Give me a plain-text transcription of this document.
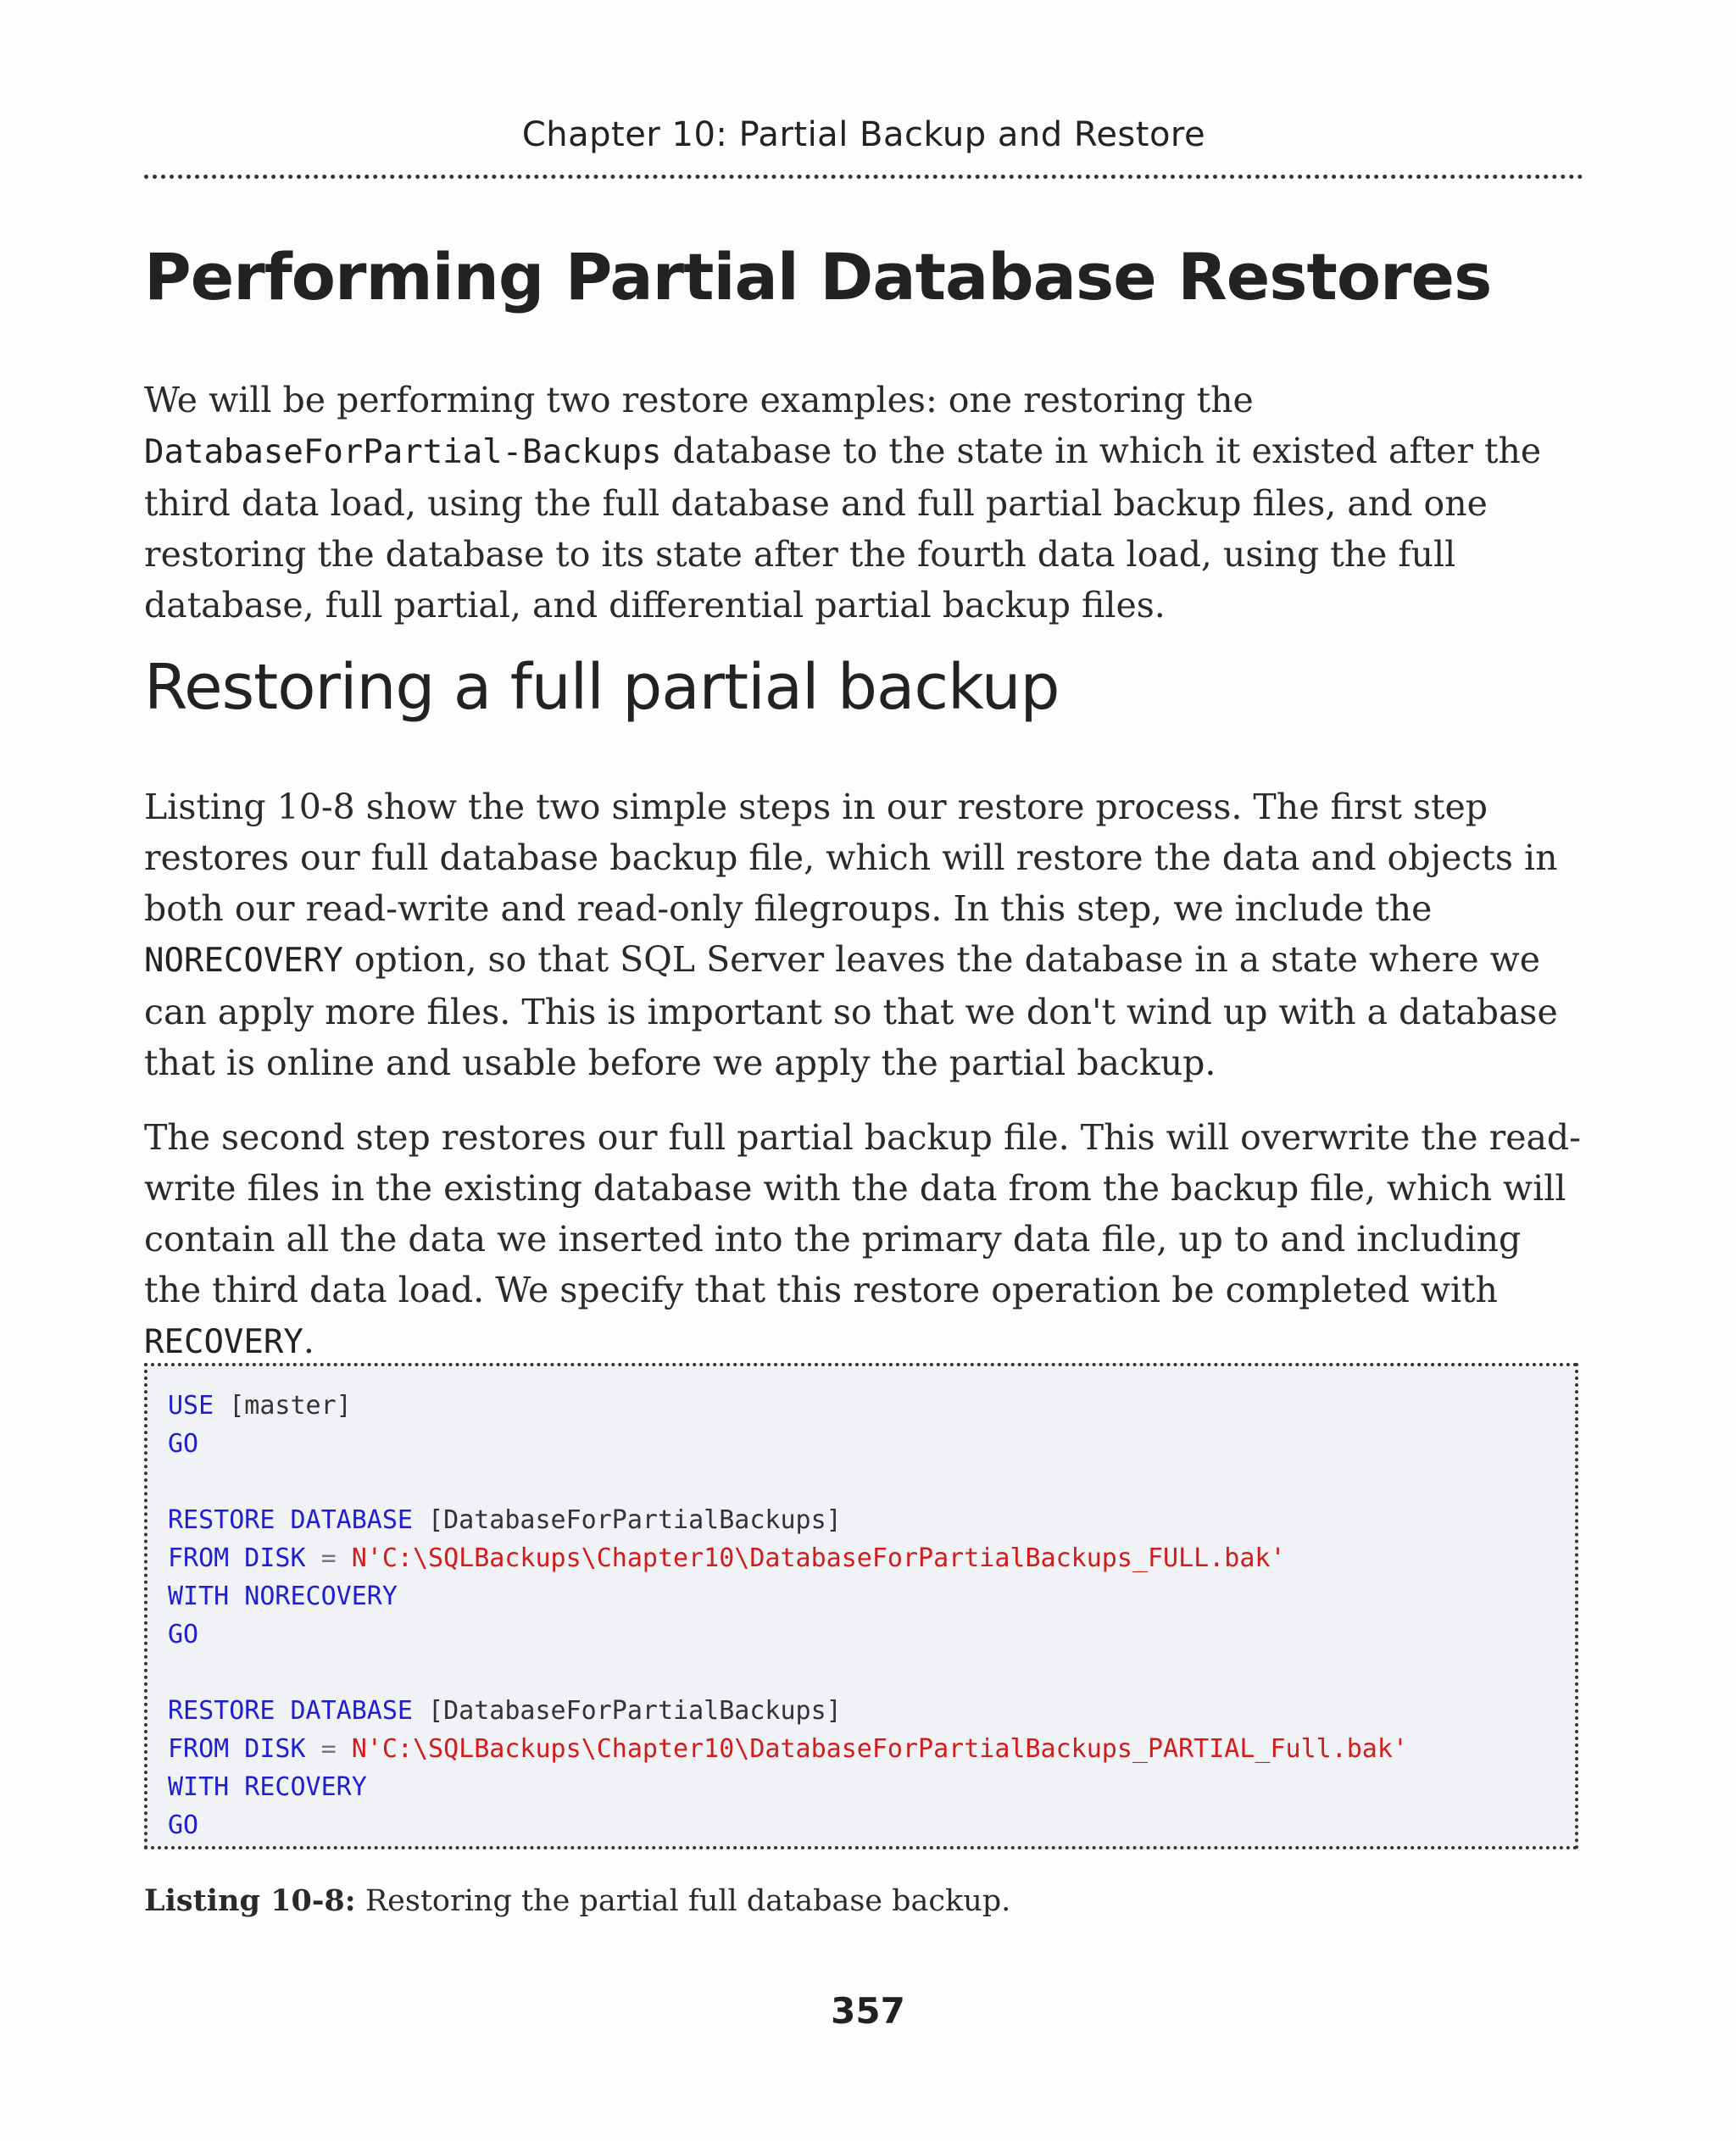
Chapter 10: Partial Backup and Restore
Performing Partial Database Restores

We will be performing two restore examples: one restoring the DatabaseForPartial-Backups database to the state in which it existed after the third data load, using the full database and full partial backup files, and one restoring the database to its state after the fourth data load, using the full database, full partial, and differential partial backup files.

Restoring a full partial backup

Listing 10-8 show the two simple steps in our restore process. The first step restores our full database backup file, which will restore the data and objects in both our read-write and read-only filegroups. In this step, we include the NORECOVERY option, so that SQL Server leaves the database in a state where we can apply more files. This is important so that we don't wind up with a database that is online and usable before we apply the partial backup.

The second step restores our full partial backup file. This will overwrite the read-write files in the existing database with the data from the backup file, which will contain all the data we inserted into the primary data file, up to and including the third data load. We specify that this restore operation be completed with RECOVERY.

USE [master]
GO

RESTORE DATABASE [DatabaseForPartialBackups]
FROM DISK = N'C:\SQLBackups\Chapter10\DatabaseForPartialBackups_FULL.bak'
WITH NORECOVERY
GO

RESTORE DATABASE [DatabaseForPartialBackups]
FROM DISK = N'C:\SQLBackups\Chapter10\DatabaseForPartialBackups_PARTIAL_Full.bak'
WITH RECOVERY
GO
Listing 10-8: Restoring the partial full database backup.
357
